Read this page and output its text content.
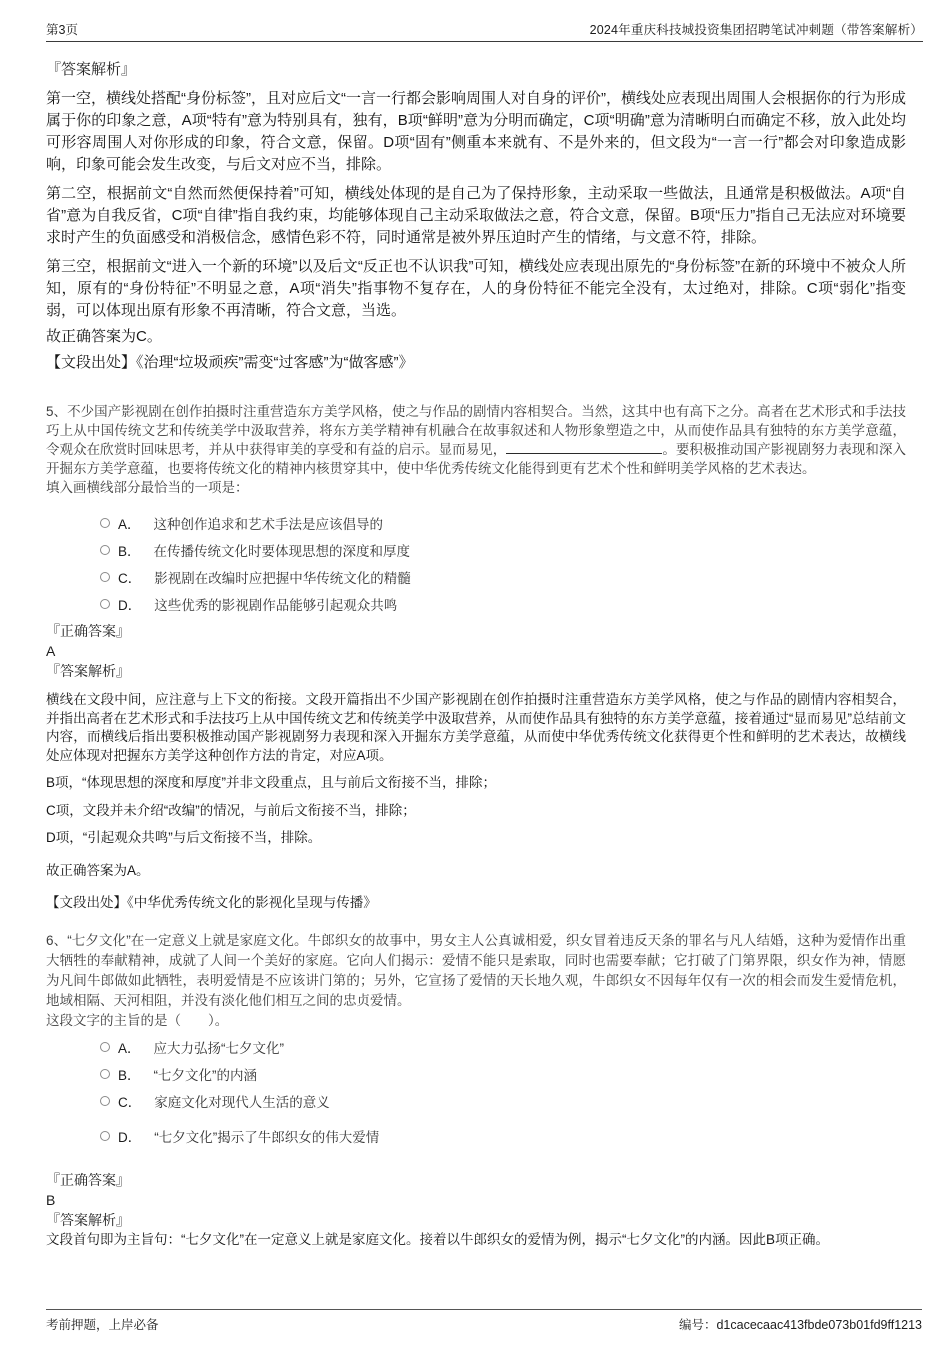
第3页	2024年重庆科技城投资集团招聘笔试冲刺题（带答案解析）

『答案解析』

第一空，横线处搭配“身份标签”，且对应后文“一言一行都会影响周围人对自身的评价”，横线处应表现出周围人会根据你的行为形成属于你的印象之意，A项“特有”意为特别具有，独有，B项“鲜明”意为分明而确定，C项“明确”意为清晰明白而确定不移，放入此处均可形容周围人对你形成的印象，符合文意，保留。D项“固有”侧重本来就有、不是外来的，但文段为“一言一行”都会对印象造成影响，印象可能会发生改变，与后文对应不当，排除。

第二空，根据前文“自然而然便保持着”可知，横线处体现的是自己为了保持形象，主动采取一些做法，且通常是积极做法。A项“自省”意为自我反省，C项“自律”指自我约束，均能够体现自己主动采取做法之意，符合文意，保留。B项“压力”指自己无法应对环境要求时产生的负面感受和消极信念，感情色彩不符，同时通常是被外界压迫时产生的情绪，与文意不符，排除。

第三空，根据前文“进入一个新的环境”以及后文“反正也不认识我”可知，横线处应表现出原先的“身份标签”在新的环境中不被众人所知，原有的“身份特征”不明显之意，A项“消失”指事物不复存在，人的身份特征不能完全没有，太过绝对，排除。C项“弱化”指变弱，可以体现出原有形象不再清晰，符合文意，当选。

故正确答案为C。

【文段出处】《治理“垃圾顽疾”需变“过客感”为“做客感”》

5、不少国产影视剧在创作拍摄时注重营造东方美学风格，使之与作品的剧情内容相契合。当然，这其中也有高下之分。高者在艺术形式和手法技巧上从中国传统文艺和传统美学中汲取营养，将东方美学精神有机融合在故事叙述和人物形象塑造之中，从而使作品具有独特的东方美学意蕴，令观众在欣赏时回味思考，并从中获得审美的享受和有益的启示。显而易见，	。要积极推动国产影视剧努力表现和深入开掘东方美学意蕴，也要将传统文化的精神内核贯穿其中，使中华优秀传统文化能得到更有艺术个性和鲜明美学风格的艺术表达。

填入画横线部分最恰当的一项是：

A． 这种创作追求和艺术手法是应该倡导的
B． 在传播传统文化时要体现思想的深度和厚度
C． 影视剧在改编时应把握中华传统文化的精髓
D． 这些优秀的影视剧作品能够引起观众共鸣

『正确答案』

A

『答案解析』

横线在文段中间，应注意与上下文的衔接。文段开篇指出不少国产影视剧在创作拍摄时注重营造东方美学风格，使之与作品的剧情内容相契合，并指出高者在艺术形式和手法技巧上从中国传统文艺和传统美学中汲取营养，从而使作品具有独特的东方美学意蕴，接着通过“显而易见”总结前文内容，而横线后指出要积极推动国产影视剧努力表现和深入开掘东方美学意蕴，从而使中华优秀传统文化获得更个性和鲜明的艺术表达，故横线处应体现对把握东方美学这种创作方法的肯定，对应A项。

B项，“体现思想的深度和厚度”并非文段重点，且与前后文衔接不当，排除；

C项，文段并未介绍“改编”的情况，与前后文衔接不当，排除；

D项，“引起观众共鸣”与后文衔接不当，排除。

故正确答案为A。

【文段出处】《中华优秀传统文化的影视化呈现与传播》

6、“七夕文化”在一定意义上就是家庭文化。牛郎织女的故事中，男女主人公真诚相爱，织女冒着违反天条的罪名与凡人结婚，这种为爱情作出重大牺牲的奉献精神，成就了人间一个美好的家庭。它向人们揭示：爱情不能只是索取，同时也需要奉献；它打破了门第界限，织女作为神，情愿为凡间牛郎做如此牺牲，表明爱情是不应该讲门第的；另外，它宣扬了爱情的天长地久观，牛郎织女不因每年仅有一次的相会而发生爱情危机，地域相隔、天河相阻，并没有淡化他们相互之间的忠贞爱情。

这段文字的主旨的是（　　）。

A． 应大力弘扬“七夕文化”
B． “七夕文化”的内涵
C． 家庭文化对现代人生活的意义
D． “七夕文化”揭示了牛郎织女的伟大爱情

『正确答案』

B

『答案解析』

文段首句即为主旨句：“七夕文化”在一定意义上就是家庭文化。接着以牛郎织女的爱情为例，揭示“七夕文化”的内涵。因此B项正确。

考前押题，上岸必备	编号：d1cacecaac413fbde073b01fd9ff1213
